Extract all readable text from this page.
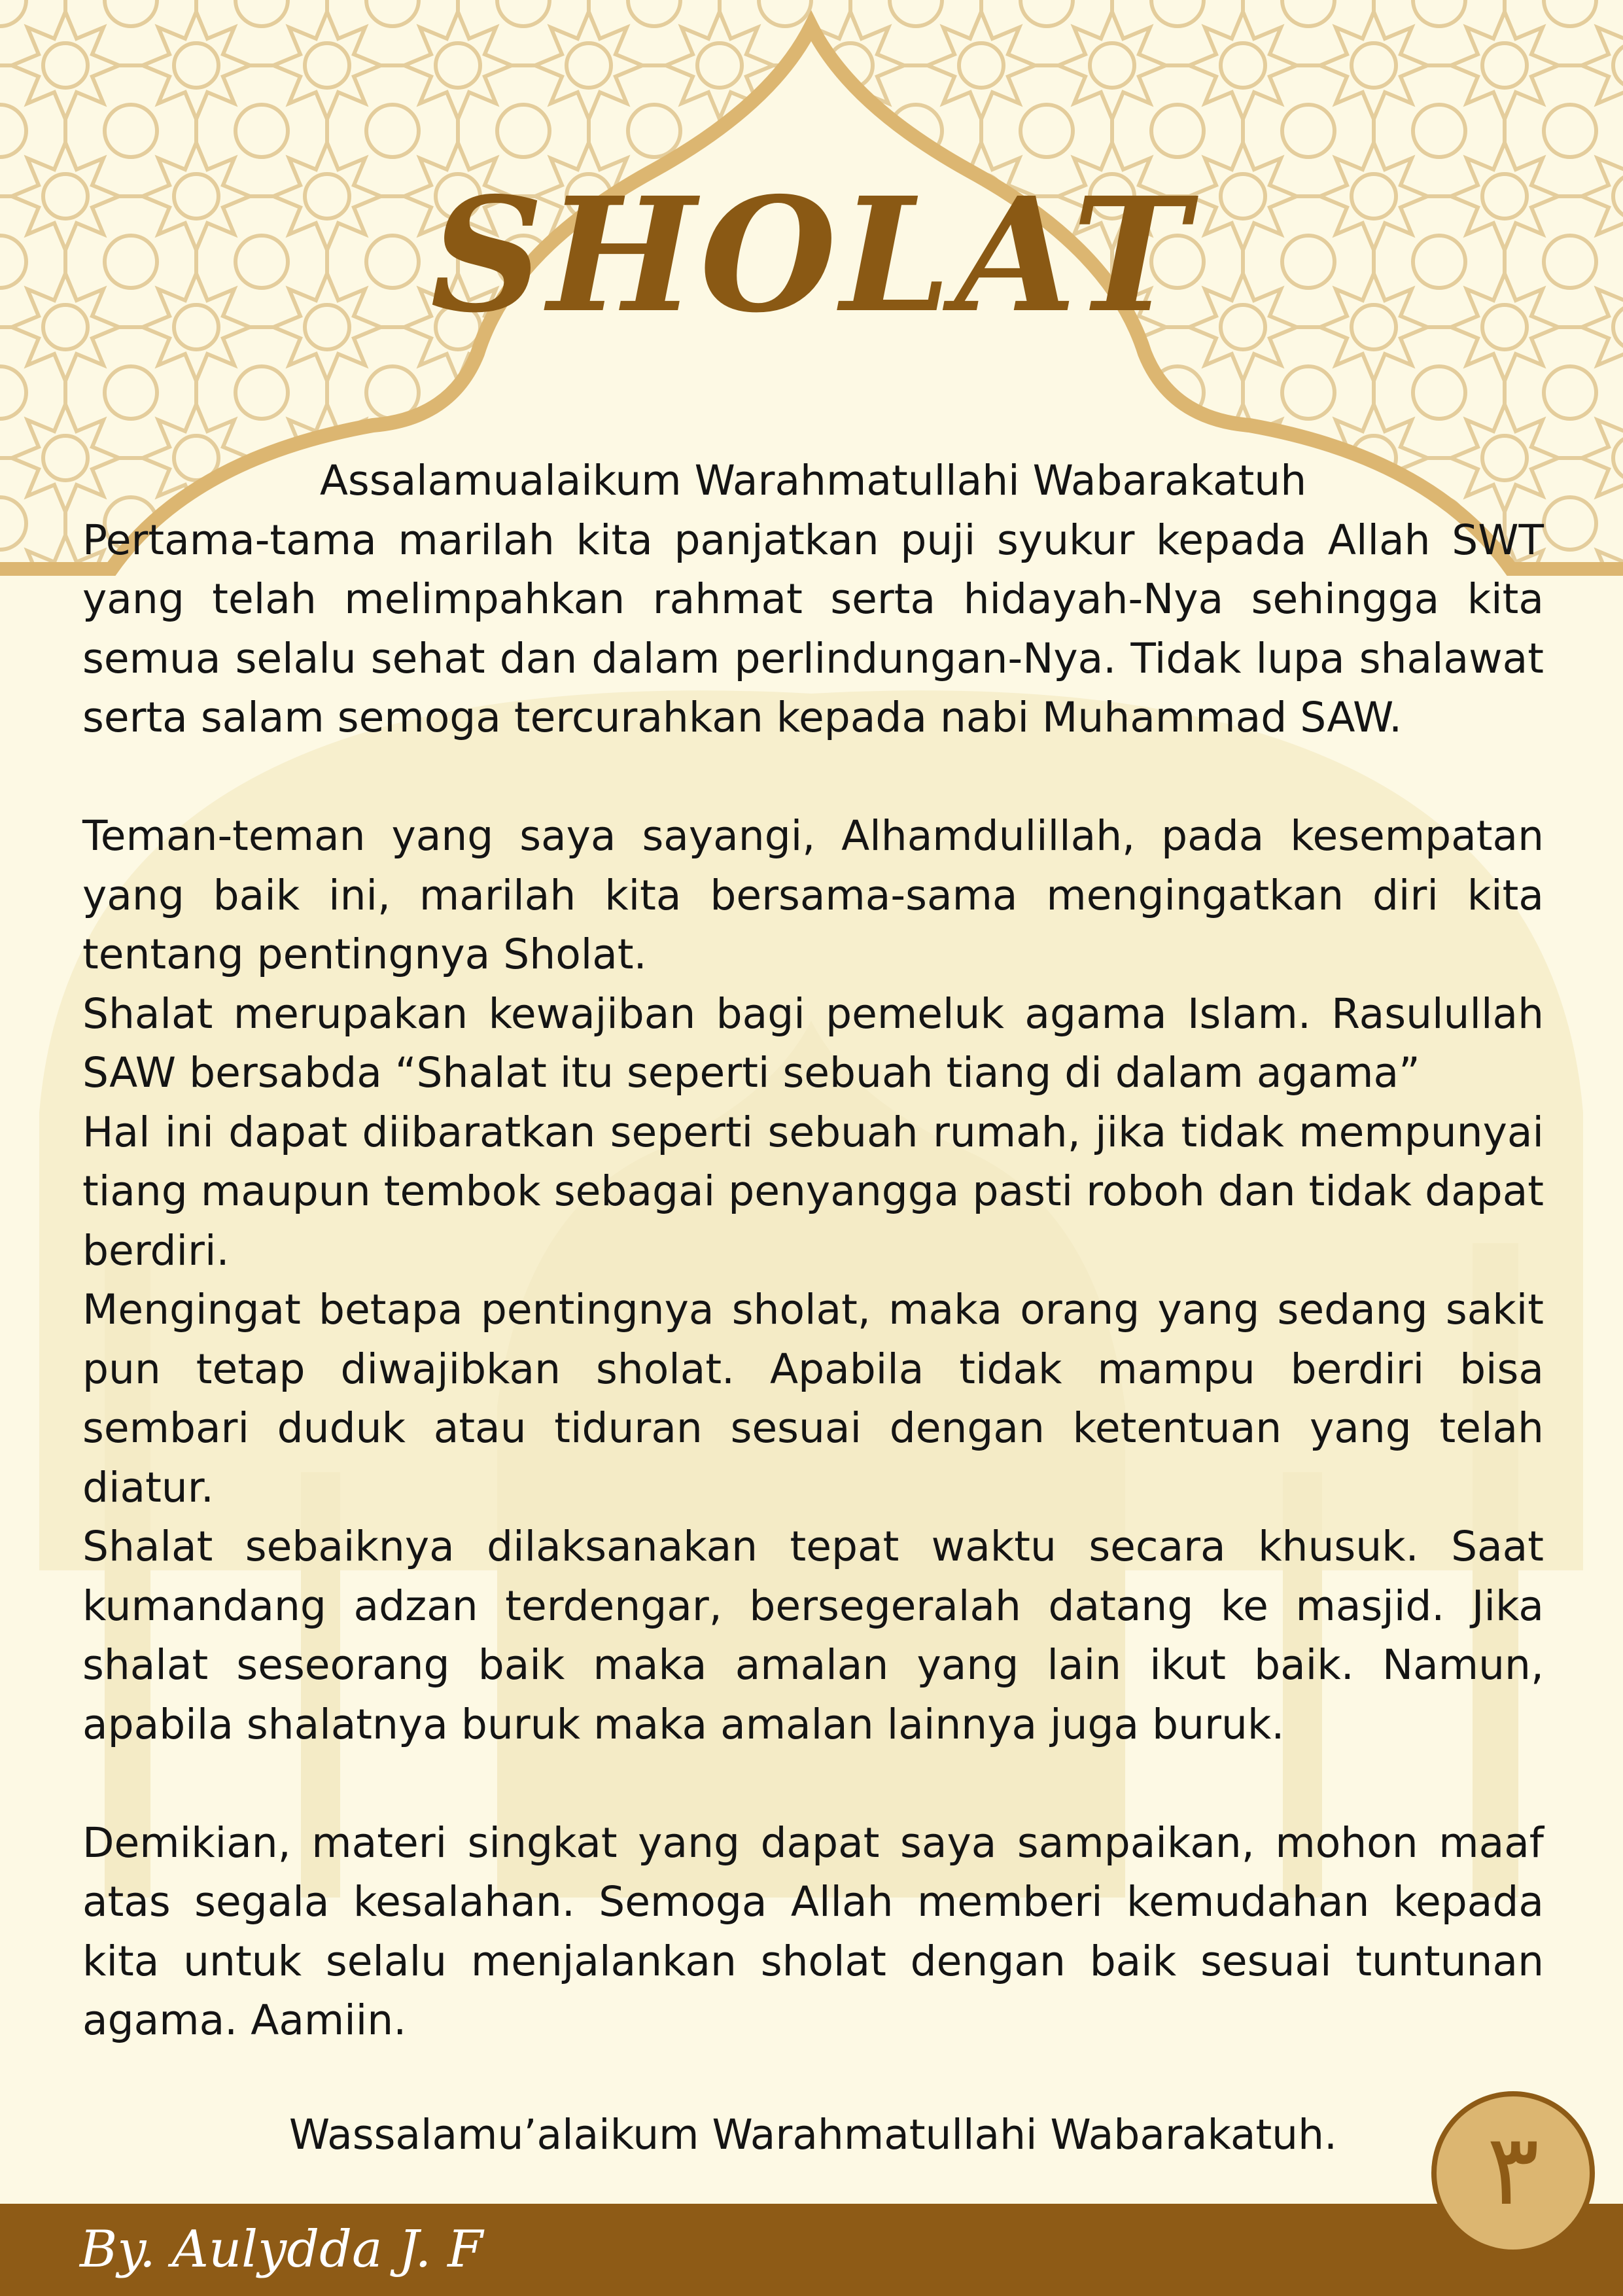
SHOLAT
Assalamualaikum Warahmatullahi Wabarakatuh

Pertama-tama marilah kita panjatkan puji syukur kepada Allah SWT yang telah melimpahkan rahmat serta hidayah-Nya sehingga kita semua selalu sehat dan dalam perlindungan-Nya. Tidak lupa shalawat serta salam semoga tercurahkan kepada nabi Muhammad SAW.

Teman-teman yang saya sayangi, Alhamdulillah, pada kesempatan yang baik ini, marilah kita bersama-sama mengingatkan diri kita tentang pentingnya Sholat.

Shalat merupakan kewajiban bagi pemeluk agama Islam. Rasulullah SAW bersabda “Shalat itu seperti sebuah tiang di dalam agama”

Hal ini dapat diibaratkan seperti sebuah rumah, jika tidak mempunyai tiang maupun tembok sebagai penyangga pasti roboh dan tidak dapat berdiri.

Mengingat betapa pentingnya sholat, maka orang yang sedang sakit pun tetap diwajibkan sholat. Apabila tidak mampu berdiri bisa sembari duduk atau tiduran sesuai dengan ketentuan yang telah diatur.

Shalat sebaiknya dilaksanakan tepat waktu secara khusuk. Saat kumandang adzan terdengar, bersegeralah datang ke masjid. Jika shalat seseorang baik maka amalan yang lain ikut baik. Namun, apabila shalatnya buruk maka amalan lainnya juga buruk.

Demikian, materi singkat yang dapat saya sampaikan, mohon maaf atas segala kesalahan. Semoga Allah memberi kemudahan kepada kita untuk selalu menjalankan sholat dengan baik sesuai tuntunan agama. Aamiin.

Wassalamu’alaikum Warahmatullahi Wabarakatuh.
By. Aulydda J. F
٣
